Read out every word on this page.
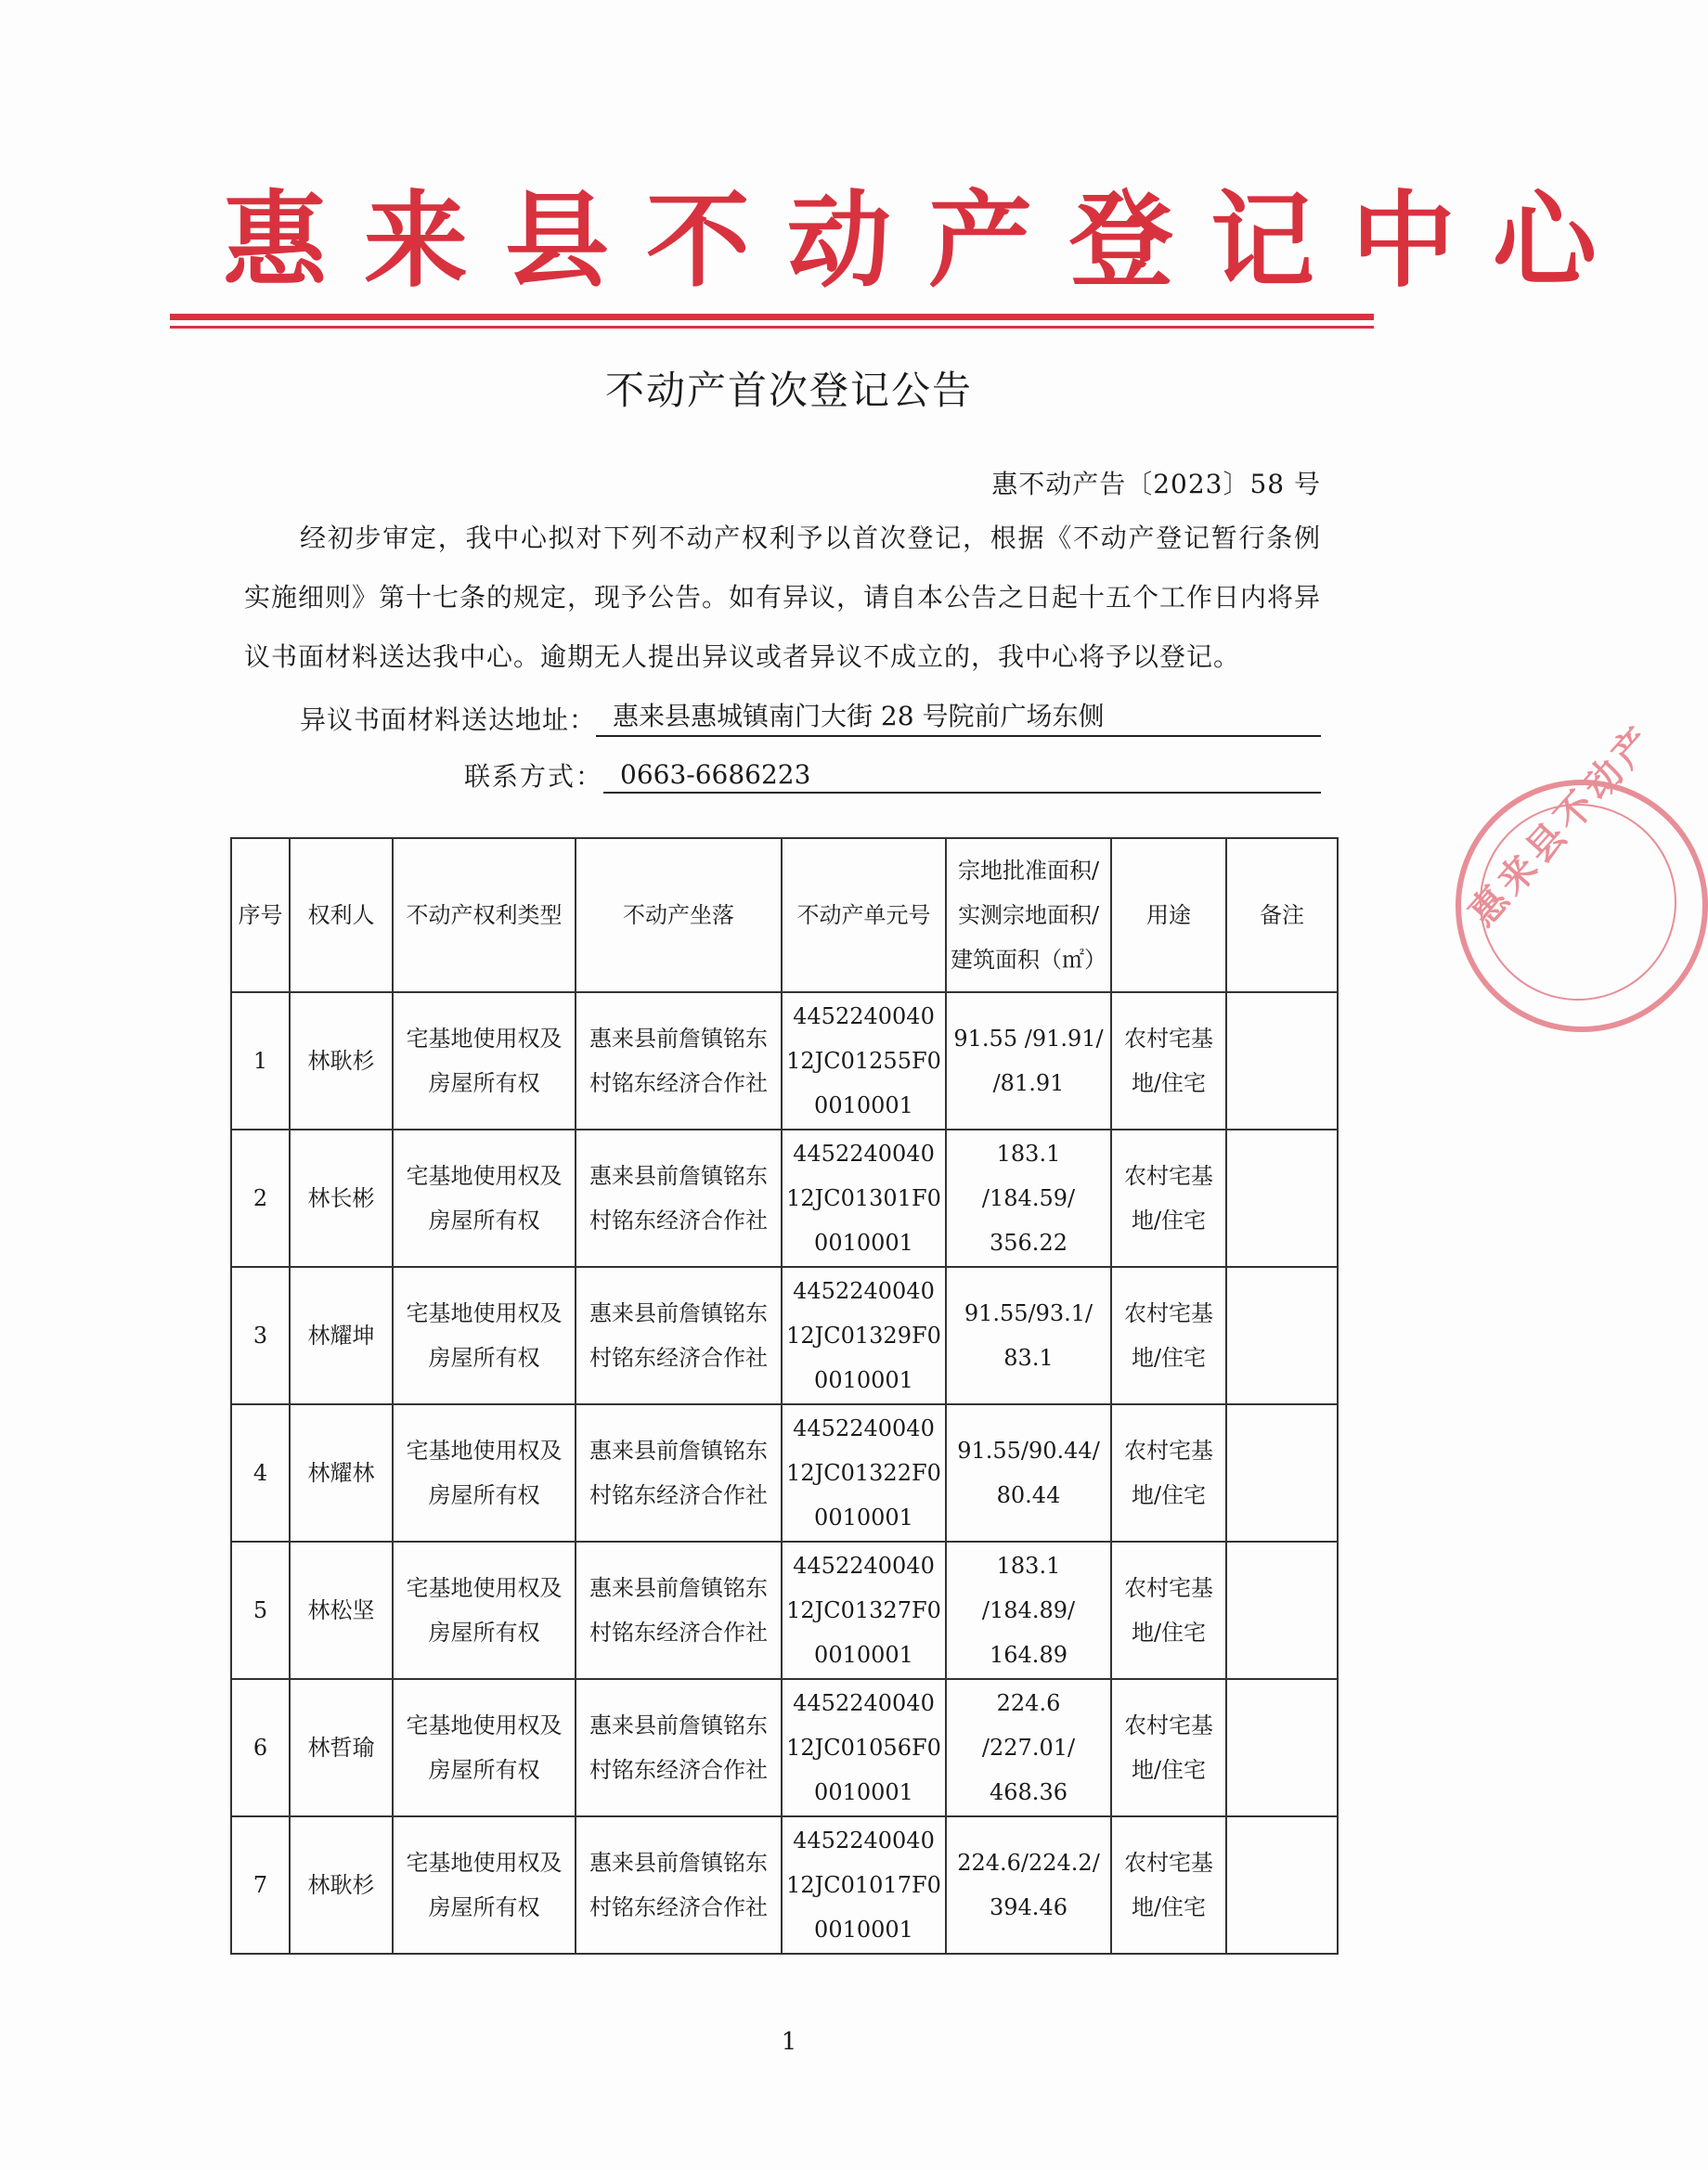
惠来县不动产登记中心
不动产首次登记公告
惠不动产告〔2023〕58 号

经初步审定，我中心拟对下列不动产权利予以首次登记，根据《不动产登记暂行条例实施细则》第十七条的规定，现予公告。如有异议，请自本公告之日起十五个工作日内将异议书面材料送达我中心。逾期无人提出异议或者异议不成立的，我中心将予以登记。

异议书面材料送达地址： 惠来县惠城镇南门大街 28 号院前广场东侧
联系方式： 0663-6686223	惠来县不动产
序号	权利人	不动产权利类型	不动产坐落	不动产单元号	宗地批准面积/实测宗地面积/建筑面积（㎡）	用途	备注
1	林耿杉	宅基地使用权及房屋所有权	惠来县前詹镇铭东村铭东经济合作社	445224004012JC01255F00010001	91.55 /91.91/ /81.91	农村宅基地/住宅	
2	林长彬	宅基地使用权及房屋所有权	惠来县前詹镇铭东村铭东经济合作社	445224004012JC01301F00010001	183.1 /184.59/ 356.22	农村宅基地/住宅	
3	林耀坤	宅基地使用权及房屋所有权	惠来县前詹镇铭东村铭东经济合作社	445224004012JC01329F00010001	91.55/93.1/ 83.1	农村宅基地/住宅	
4	林耀林	宅基地使用权及房屋所有权	惠来县前詹镇铭东村铭东经济合作社	445224004012JC01322F00010001	91.55/90.44/ 80.44	农村宅基地/住宅	
5	林松坚	宅基地使用权及房屋所有权	惠来县前詹镇铭东村铭东经济合作社	445224004012JC01327F00010001	183.1 /184.89/ 164.89	农村宅基地/住宅	
6	林哲瑜	宅基地使用权及房屋所有权	惠来县前詹镇铭东村铭东经济合作社	445224004012JC01056F00010001	224.6 /227.01/ 468.36	农村宅基地/住宅	
7	林耿杉	宅基地使用权及房屋所有权	惠来县前詹镇铭东村铭东经济合作社	445224004012JC01017F00010001	224.6/224.2/ 394.46	农村宅基地/住宅	
1
